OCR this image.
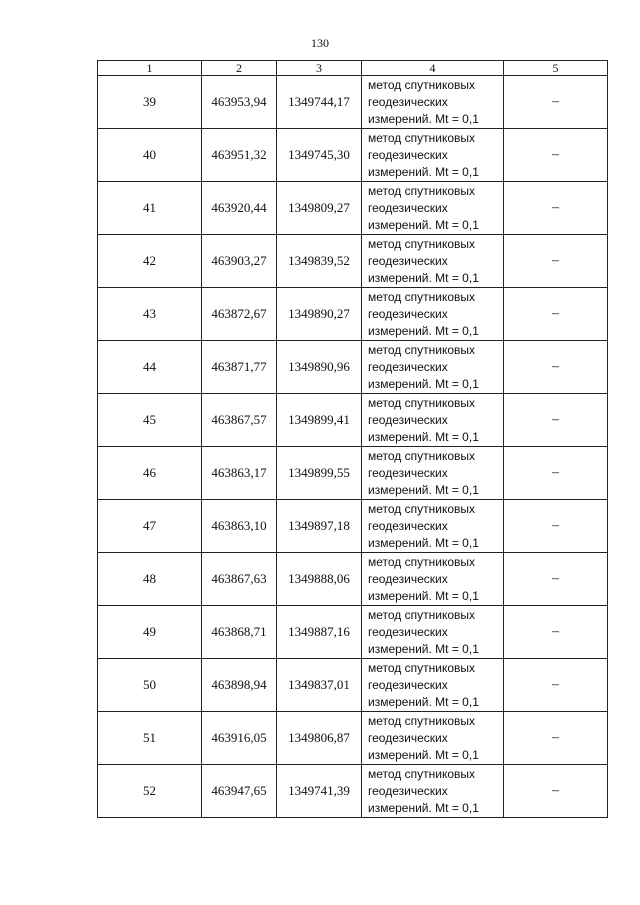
130
1	2	3	4	5
39	463953,94	1349744,17	метод спутниковых
геодезических
измерений. Mt = 0,1	–
40	463951,32	1349745,30	метод спутниковых
геодезических
измерений. Mt = 0,1	–
41	463920,44	1349809,27	метод спутниковых
геодезических
измерений. Mt = 0,1	–
42	463903,27	1349839,52	метод спутниковых
геодезических
измерений. Mt = 0,1	–
43	463872,67	1349890,27	метод спутниковых
геодезических
измерений. Mt = 0,1	–
44	463871,77	1349890,96	метод спутниковых
геодезических
измерений. Mt = 0,1	–
45	463867,57	1349899,41	метод спутниковых
геодезических
измерений. Mt = 0,1	–
46	463863,17	1349899,55	метод спутниковых
геодезических
измерений. Mt = 0,1	–
47	463863,10	1349897,18	метод спутниковых
геодезических
измерений. Mt = 0,1	–
48	463867,63	1349888,06	метод спутниковых
геодезических
измерений. Mt = 0,1	–
49	463868,71	1349887,16	метод спутниковых
геодезических
измерений. Mt = 0,1	–
50	463898,94	1349837,01	метод спутниковых
геодезических
измерений. Mt = 0,1	–
51	463916,05	1349806,87	метод спутниковых
геодезических
измерений. Mt = 0,1	–
52	463947,65	1349741,39	метод спутниковых
геодезических
измерений. Mt = 0,1	–
